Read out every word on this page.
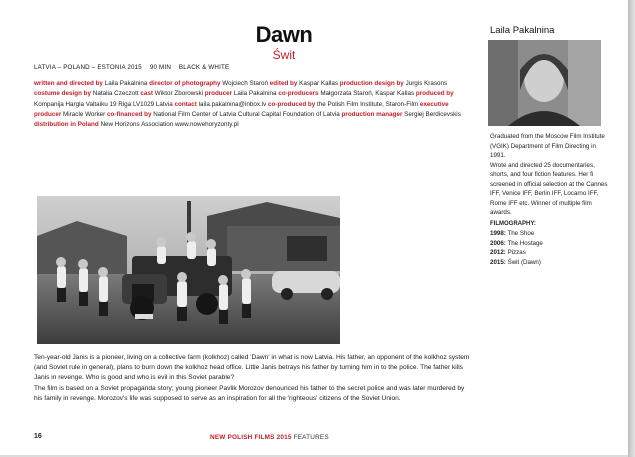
Dawn
Świt
LATVIA – POLAND – ESTONIA 2015 90 MIN BLACK & WHITE
written and directed by Laila Pakalnina director of photography Wojciech Staroń edited by Kaspar Kallas production design by Jurgis Krasons costume design by Natalia Czeczott cast Wiktor Zborowski producer Laila Pakalnina co-producers Małgorzata Staroń, Kaspar Kallas produced by Kompanija Hargla Valtaiku 19 Riga LV1029 Latvia contact laila.pakalnina@inbox.lv co-produced by the Polish Film Institute, Staron-Film executive producer Miracle Worker co-financed by National Film Center of Latvia Cultural Capital Foundation of Latvia production manager Sergiej Berdicevskis distribution in Poland New Horizons Association www.nowehoryzonty.pl

Ten-year-old Janis is a pioneer, living on a collective farm (kolkhoz) called 'Dawn' in what is now Latvia. His father, an opponent of the kolkhoz system (and Soviet rule in general), plans to burn down the kolkhoz head office. Little Janis betrays his father by turning him in to the police. The father kills Janis in revenge. Who is good and who is evil in this Soviet parable?

The film is based on a Soviet propaganda story; young pioneer Pavlik Morozov denounced his father to the secret police and was later murdered by his family in revenge. Morozov's life was supposed to serve as an inspiration for all the 'righteous' citizens of the Soviet Union.

16	NEW POLISH FILMS 2015 FEATURES
Laila Pakalnina

Graduated from the Moscow Film Institute (VGIK) Department of Film Directing in 1991.

Wrote and directed 25 documentaries, shorts, and four fiction features. Her fi screened in official selection at the Cannes IFF, Venice IFF, Berlin IFF, Locarno IFF, Rome IFF etc. Winner of multiple film awards.

FILMOGRAPHY:

1998: The Shoe

2006: The Hostage

2012: Pizzas

2015: Świt (Dawn)
